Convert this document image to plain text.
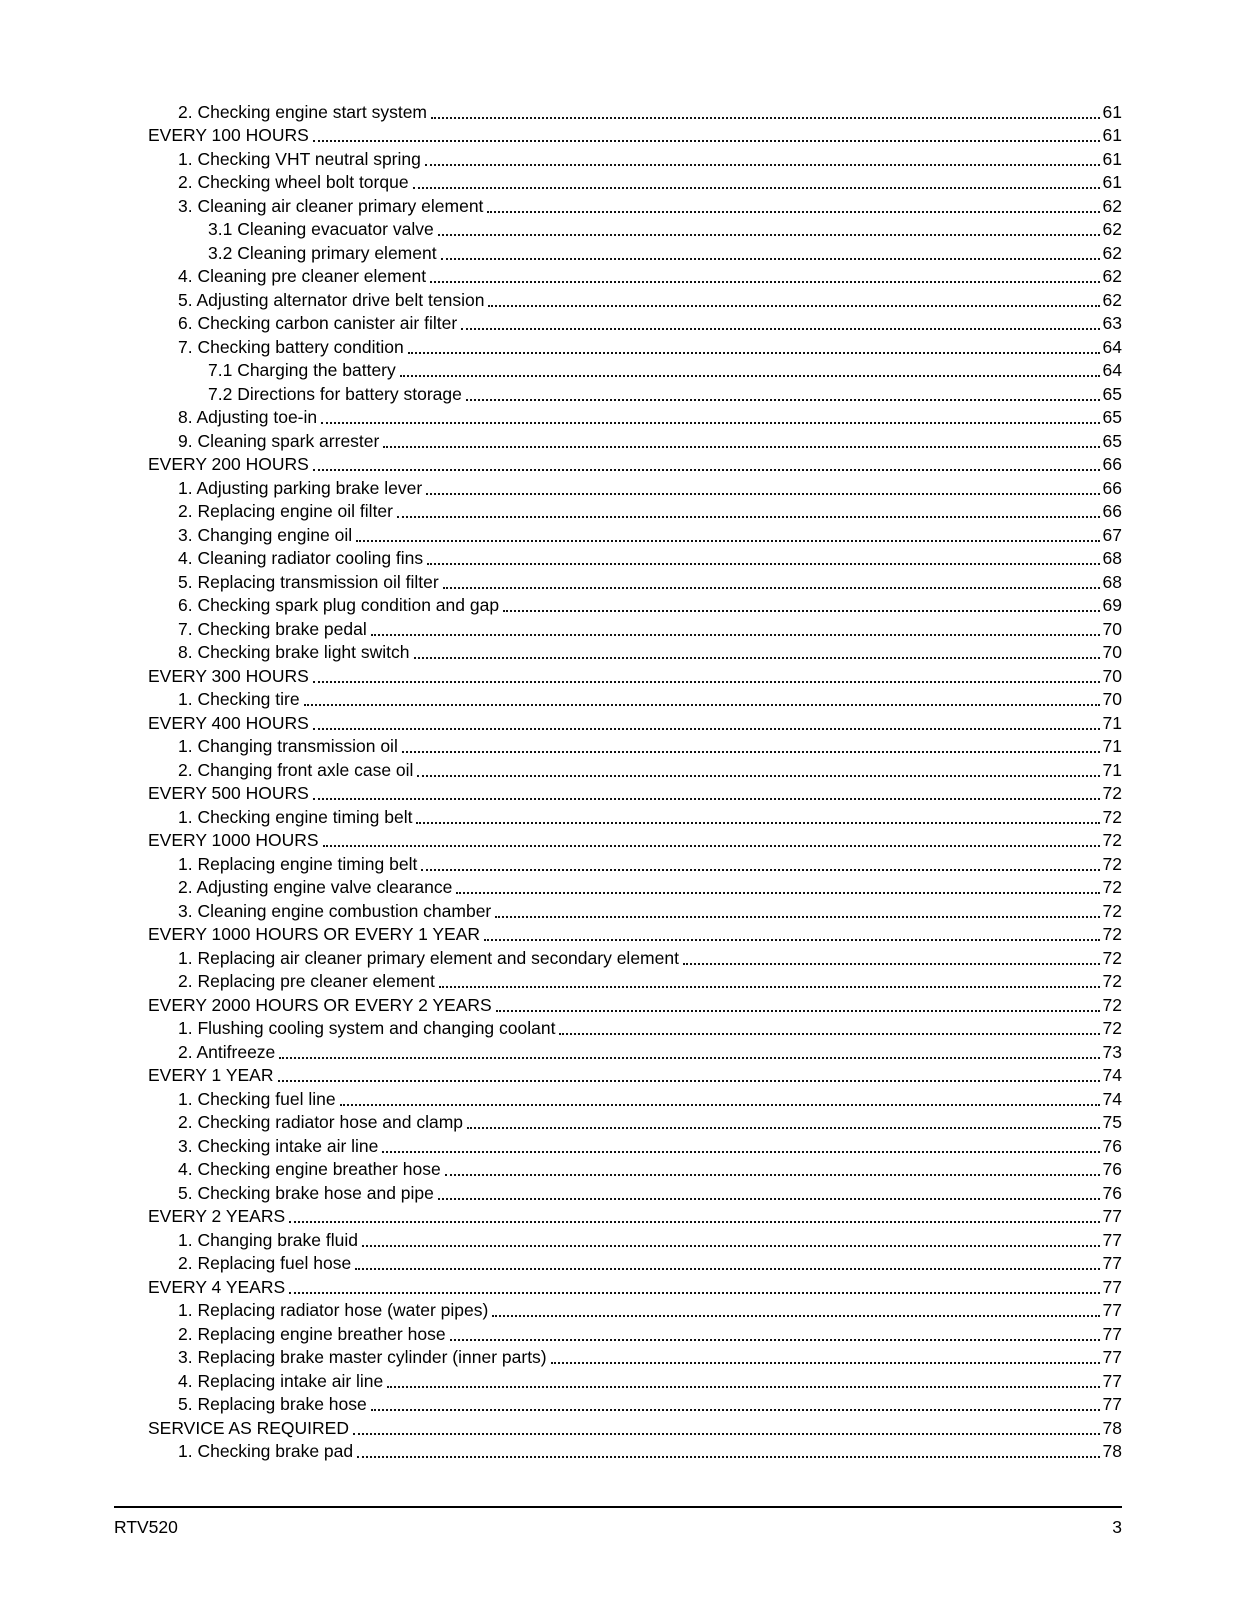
2. Checking engine start system	61
EVERY 100 HOURS	61
1. Checking VHT neutral spring	61
2. Checking wheel bolt torque	61
3. Cleaning air cleaner primary element	62
3.1 Cleaning evacuator valve	62
3.2 Cleaning primary element	62
4. Cleaning pre cleaner element	62
5. Adjusting alternator drive belt tension	62
6. Checking carbon canister air filter	63
7. Checking battery condition	64
7.1 Charging the battery	64
7.2 Directions for battery storage	65
8. Adjusting toe-in	65
9. Cleaning spark arrester	65
EVERY 200 HOURS	66
1. Adjusting parking brake lever	66
2. Replacing engine oil filter	66
3. Changing engine oil	67
4. Cleaning radiator cooling fins	68
5. Replacing transmission oil filter	68
6. Checking spark plug condition and gap	69
7. Checking brake pedal	70
8. Checking brake light switch	70
EVERY 300 HOURS	70
1. Checking tire	70
EVERY 400 HOURS	71
1. Changing transmission oil	71
2. Changing front axle case oil	71
EVERY 500 HOURS	72
1. Checking engine timing belt	72
EVERY 1000 HOURS	72
1. Replacing engine timing belt	72
2. Adjusting engine valve clearance	72
3. Cleaning engine combustion chamber	72
EVERY 1000 HOURS OR EVERY 1 YEAR	72
1. Replacing air cleaner primary element and secondary element	72
2. Replacing pre cleaner element	72
EVERY 2000 HOURS OR EVERY 2 YEARS	72
1. Flushing cooling system and changing coolant	72
2. Antifreeze	73
EVERY 1 YEAR	74
1. Checking fuel line	74
2. Checking radiator hose and clamp	75
3. Checking intake air line	76
4. Checking engine breather hose	76
5. Checking brake hose and pipe	76
EVERY 2 YEARS	77
1. Changing brake fluid	77
2. Replacing fuel hose	77
EVERY 4 YEARS	77
1. Replacing radiator hose (water pipes)	77
2. Replacing engine breather hose	77
3. Replacing brake master cylinder (inner parts)	77
4. Replacing intake air line	77
5. Replacing brake hose	77
SERVICE AS REQUIRED	78
1. Checking brake pad	78
RTV520	3
